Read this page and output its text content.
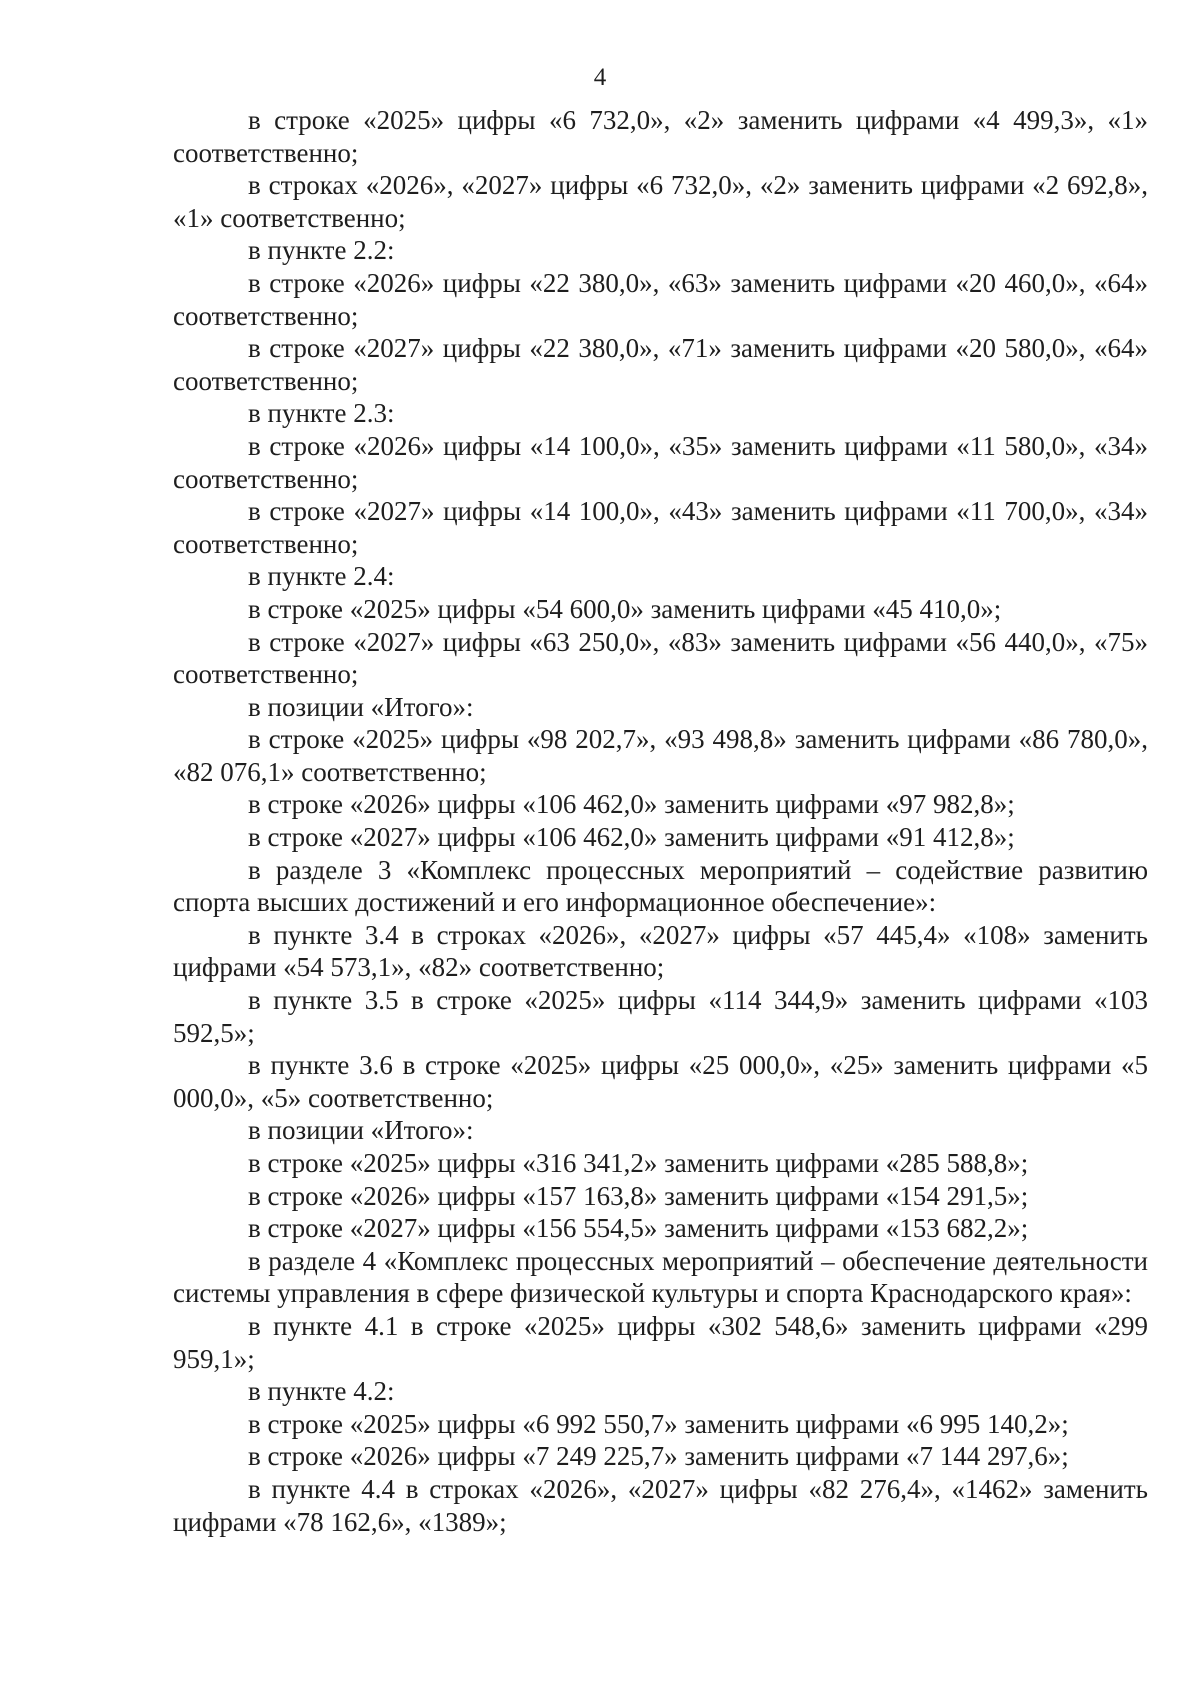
4

в строке «2025» цифры «6 732,0», «2» заменить цифрами «4 499,3», «1» соответственно;

в строках «2026», «2027» цифры «6 732,0», «2» заменить цифрами «2 692,8», «1» соответственно;

в пункте 2.2:

в строке «2026» цифры «22 380,0», «63» заменить цифрами «20 460,0», «64» соответственно;

в строке «2027» цифры «22 380,0», «71» заменить цифрами «20 580,0», «64» соответственно;

в пункте 2.3:

в строке «2026» цифры «14 100,0», «35» заменить цифрами «11 580,0», «34» соответственно;

в строке «2027» цифры «14 100,0», «43» заменить цифрами «11 700,0», «34» соответственно;

в пункте 2.4:

в строке «2025» цифры «54 600,0» заменить цифрами «45 410,0»;

в строке «2027» цифры «63 250,0», «83» заменить цифрами «56 440,0», «75» соответственно;

в позиции «Итого»:

в строке «2025» цифры «98 202,7», «93 498,8» заменить цифрами «86 780,0», «82 076,1» соответственно;

в строке «2026» цифры «106 462,0» заменить цифрами «97 982,8»;

в строке «2027» цифры «106 462,0» заменить цифрами «91 412,8»;

в разделе 3 «Комплекс процессных мероприятий – содействие развитию спорта высших достижений и его информационное обеспечение»:

в пункте 3.4 в строках «2026», «2027» цифры «57 445,4» «108» заменить цифрами «54 573,1», «82» соответственно;

в пункте 3.5 в строке «2025» цифры «114 344,9» заменить цифрами «103 592,5»;

в пункте 3.6 в строке «2025» цифры «25 000,0», «25» заменить цифрами «5 000,0», «5» соответственно;

в позиции «Итого»:

в строке «2025» цифры «316 341,2» заменить цифрами «285 588,8»;

в строке «2026» цифры «157 163,8» заменить цифрами «154 291,5»;

в строке «2027» цифры «156 554,5» заменить цифрами «153 682,2»;

в разделе 4 «Комплекс процессных мероприятий – обеспечение деятельности системы управления в сфере физической культуры и спорта Краснодарского края»:

в пункте 4.1 в строке «2025» цифры «302 548,6» заменить цифрами «299 959,1»;

в пункте 4.2:

в строке «2025» цифры «6 992 550,7» заменить цифрами «6 995 140,2»;

в строке «2026» цифры «7 249 225,7» заменить цифрами «7 144 297,6»;

в пункте 4.4 в строках «2026», «2027» цифры «82 276,4», «1462» заменить цифрами «78 162,6», «1389»;
